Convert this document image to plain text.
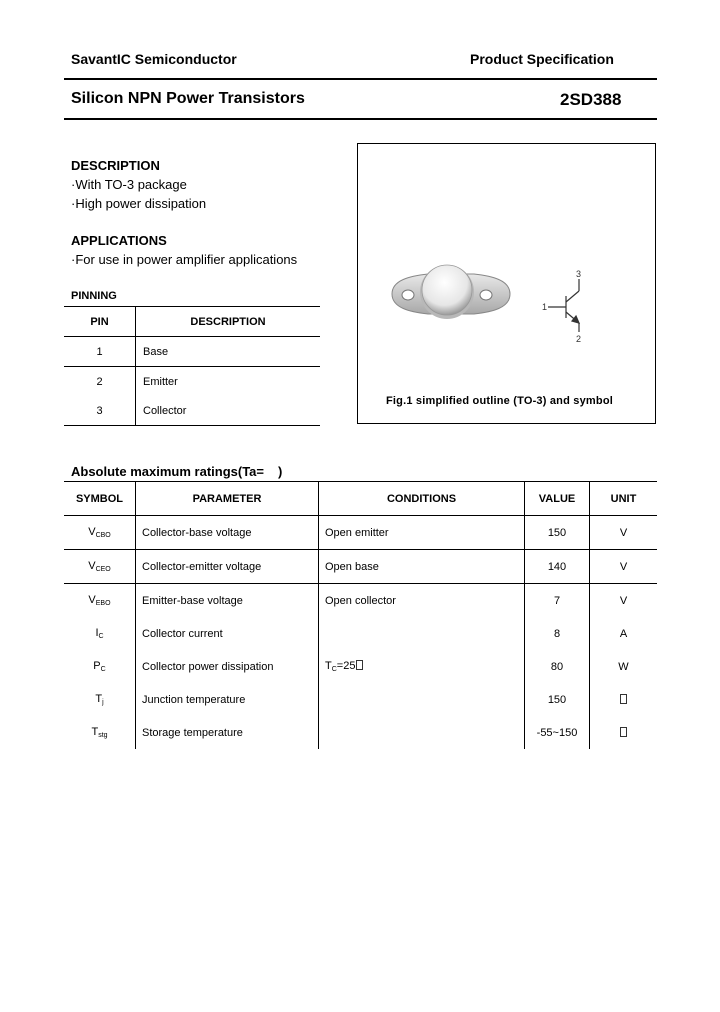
SavantIC Semiconductor	Product Specification
Silicon NPN Power Transistors	2SD388
DESCRIPTION
·With TO-3 package
·High power dissipation
APPLICATIONS
·For use in power amplifier applications
PINNING
PIN	DESCRIPTION
1	Base
2	Emitter
3	Collector
1
2
3
Fig.1 simplified outline (TO-3) and symbol
Absolute maximum ratings(Ta= )
SYMBOL	PARAMETER	CONDITIONS	VALUE	UNIT
$V_{CBO}$	Collector-base voltage	Open emitter	150	V
$V_{CEO}$	Collector-emitter voltage	Open base	140	V
$V_{EBO}$	Emitter-base voltage	Open collector	7	V
$I_C$	Collector current		8	A
$P_C$	Collector power dissipation	$T_C=25$	80	W
$T_j$	Junction temperature		150	
$T_{stg}$	Storage temperature		-55~150	
